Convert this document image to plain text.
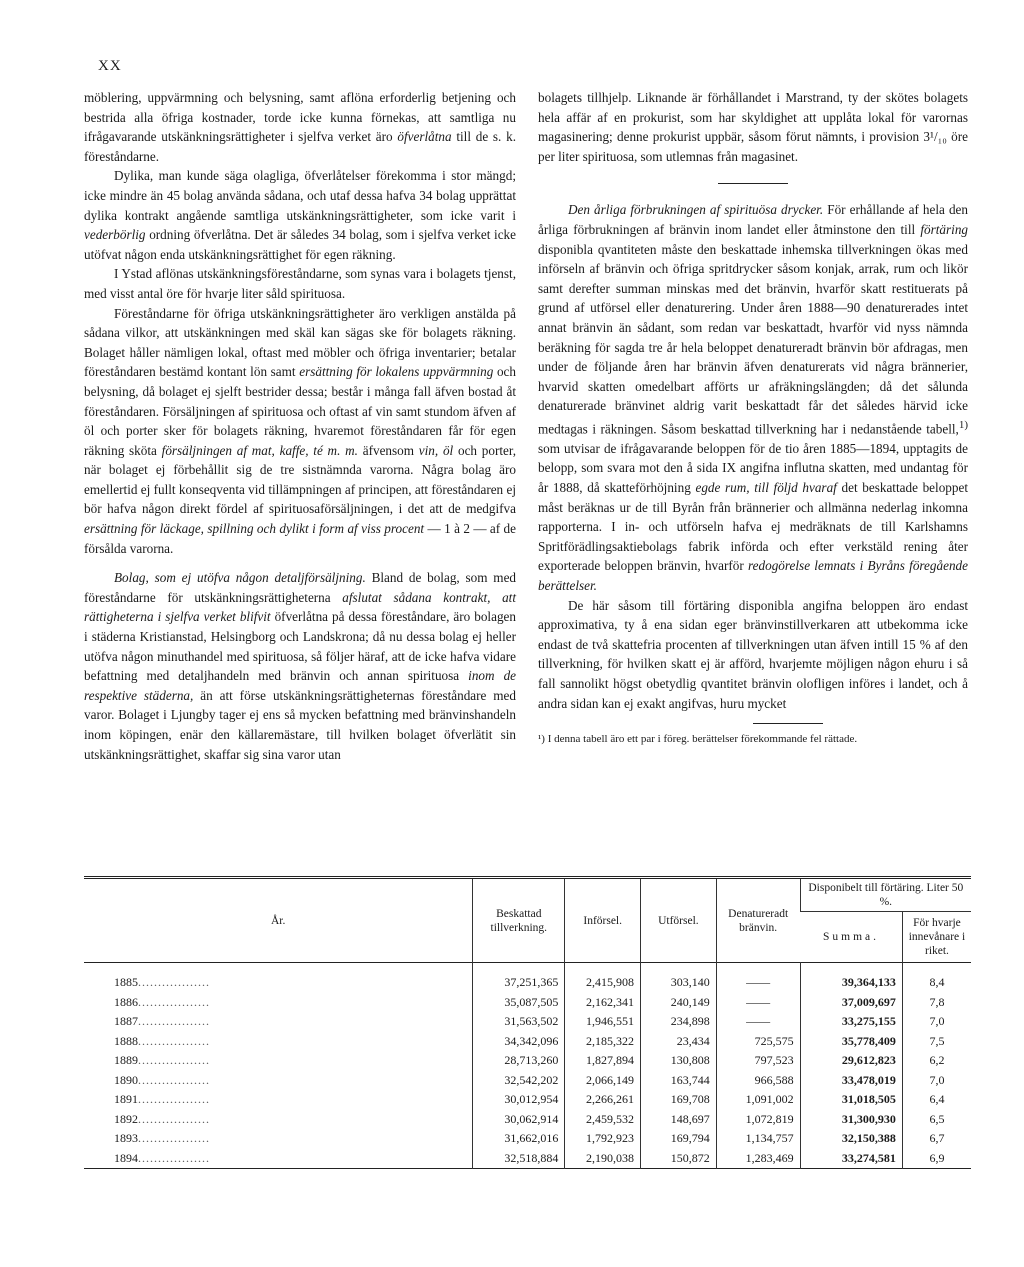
XX

möblering, uppvärmning och belysning, samt aflöna erforderlig betjening och bestrida alla öfriga kostnader, torde icke kunna förnekas, att samtliga nu ifrågavarande utskänkningsrättigheter i sjelfva verket äro öfverlåtna till de s. k. föreståndarne.

Dylika, man kunde säga olagliga, öfverlåtelser förekomma i stor mängd; icke mindre än 45 bolag använda sådana, och utaf dessa hafva 34 bolag upprättat dylika kontrakt angående samtliga utskänkningsrättigheter, som icke varit i vederbörlig ordning öfverlåtna. Det är således 34 bolag, som i sjelfva verket icke utöfvat någon enda utskänkningsrättighet för egen räkning.

I Ystad aflönas utskänkningsföreståndarne, som synas vara i bolagets tjenst, med visst antal öre för hvarje liter såld spirituosa.

Föreståndarne för öfriga utskänkningsrättigheter äro verkligen anstälda på sådana vilkor, att utskänkningen med skäl kan sägas ske för bolagets räkning. Bolaget håller nämligen lokal, oftast med möbler och öfriga inventarier; betalar föreståndaren bestämd kontant lön samt ersättning för lokalens uppvärmning och belysning, då bolaget ej sjelft bestrider dessa; består i många fall äfven bostad åt föreståndaren. Försäljningen af spirituosa och oftast af vin samt stundom äfven af öl och porter sker för bolagets räkning, hvaremot föreståndaren får för egen räkning sköta försäljningen af mat, kaffe, té m. m. äfvensom vin, öl och porter, när bolaget ej förbehållit sig de tre sistnämnda varorna. Några bolag äro emellertid ej fullt konseqventa vid tillämpningen af principen, att föreståndaren ej bör hafva någon direkt fördel af spirituosaförsäljningen, i det att de medgifva ersättning för läckage, spillning och dylikt i form af viss procent — 1 à 2 — af de försålda varorna.

Bolag, som ej utöfva någon detaljförsäljning. Bland de bolag, som med föreståndarne för utskänkningsrättigheterna afslutat sådana kontrakt, att rättigheterna i sjelfva verket blifvit öfverlåtna på dessa föreståndare, äro bolagen i städerna Kristianstad, Helsingborg och Landskrona; då nu dessa bolag ej heller utöfva någon minuthandel med spirituosa, så följer häraf, att de icke hafva vidare befattning med detaljhandeln med bränvin och annan spirituosa inom de respektive städerna, än att förse utskänkningsrättigheternas föreståndare med varor. Bolaget i Ljungby tager ej ens så mycken befattning med bränvinshandeln inom köpingen, enär den källaremästare, till hvilken bolaget öfverlätit sin utskänkningsrättighet, skaffar sig sina varor utan

bolagets tillhjelp. Liknande är förhållandet i Marstrand, ty der skötes bolagets hela affär af en prokurist, som har skyldighet att upplåta lokal för varornas magasinering; denne prokurist uppbär, såsom förut nämnts, i provision 3¹/₁₀ öre per liter spirituosa, som utlemnas från magasinet.

Den årliga förbrukningen af spirituösa drycker. För erhållande af hela den årliga förbrukningen af bränvin inom landet eller åtminstone den till förtäring disponibla qvantiteten måste den beskattade inhemska tillverkningen ökas med införseln af bränvin och öfriga spritdrycker såsom konjak, arrak, rum och likör samt derefter summan minskas med det bränvin, hvarför skatt restituerats på grund af utförsel eller denaturering. Under åren 1888—90 denaturerades intet annat bränvin än sådant, som redan var beskattadt, hvarför vid nyss nämnda beräkning för sagda tre år hela beloppet denatureradt bränvin bör afdragas, men under de följande åren har bränvin äfven denaturerats vid några brännerier, hvarvid skatten omedelbart afförts ur afräkningslängden; då det sålunda denaturerade bränvinet aldrig varit beskattadt får det således härvid icke medtagas i räkningen. Såsom beskattad tillverkning har i nedanstående tabell,$^{1)}$ som utvisar de ifrågavarande beloppen för de tio åren 1885—1894, upptagits de belopp, som svara mot den å sida IX angifna influtna skatten, med undantag för år 1888, då skatteförhöjning egde rum, till följd hvaraf det beskattade beloppet måst beräknas ur de till Byrån från brännerier och allmänna nederlag inkomna rapporterna. I in- och utförseln hafva ej medräknats de till Karlshamns Spritförädlingsaktiebolags fabrik införda och efter verkstäld rening åter exporterade beloppen bränvin, hvarför redogörelse lemnats i Byråns föregående berättelser.

De här såsom till förtäring disponibla angifna beloppen äro endast approximativa, ty å ena sidan eger bränvinstillverkaren att utbekomma icke endast de två skattefria procenten af tillverkningen utan äfven intill 15 % af den tillverkning, för hvilken skatt ej är afförd, hvarjemte möjligen någon ehuru i så fall sannolikt högst obetydlig qvantitet bränvin olofligen införes i landet, och å andra sidan kan ej exakt angifvas, huru mycket

¹) I denna tabell äro ett par i föreg. berättelser förekommande fel rättade.

År.	Beskattad tillverkning.	Införsel.	Utförsel.	Denatureradt bränvin.	Disponibelt till förtäring. Liter 50 %.	
					Summa.	För hvarje innevånare i riket.
1885..................	37,251,365	2,415,908	303,140	——	39,364,133	8,4
1886..................	35,087,505	2,162,341	240,149	——	37,009,697	7,8
1887..................	31,563,502	1,946,551	234,898	——	33,275,155	7,0
1888..................	34,342,096	2,185,322	23,434	725,575	35,778,409	7,5
1889..................	28,713,260	1,827,894	130,808	797,523	29,612,823	6,2
1890..................	32,542,202	2,066,149	163,744	966,588	33,478,019	7,0
1891..................	30,012,954	2,266,261	169,708	1,091,002	31,018,505	6,4
1892..................	30,062,914	2,459,532	148,697	1,072,819	31,300,930	6,5
1893..................	31,662,016	1,792,923	169,794	1,134,757	32,150,388	6,7
1894..................	32,518,884	2,190,038	150,872	1,283,469	33,274,581	6,9
